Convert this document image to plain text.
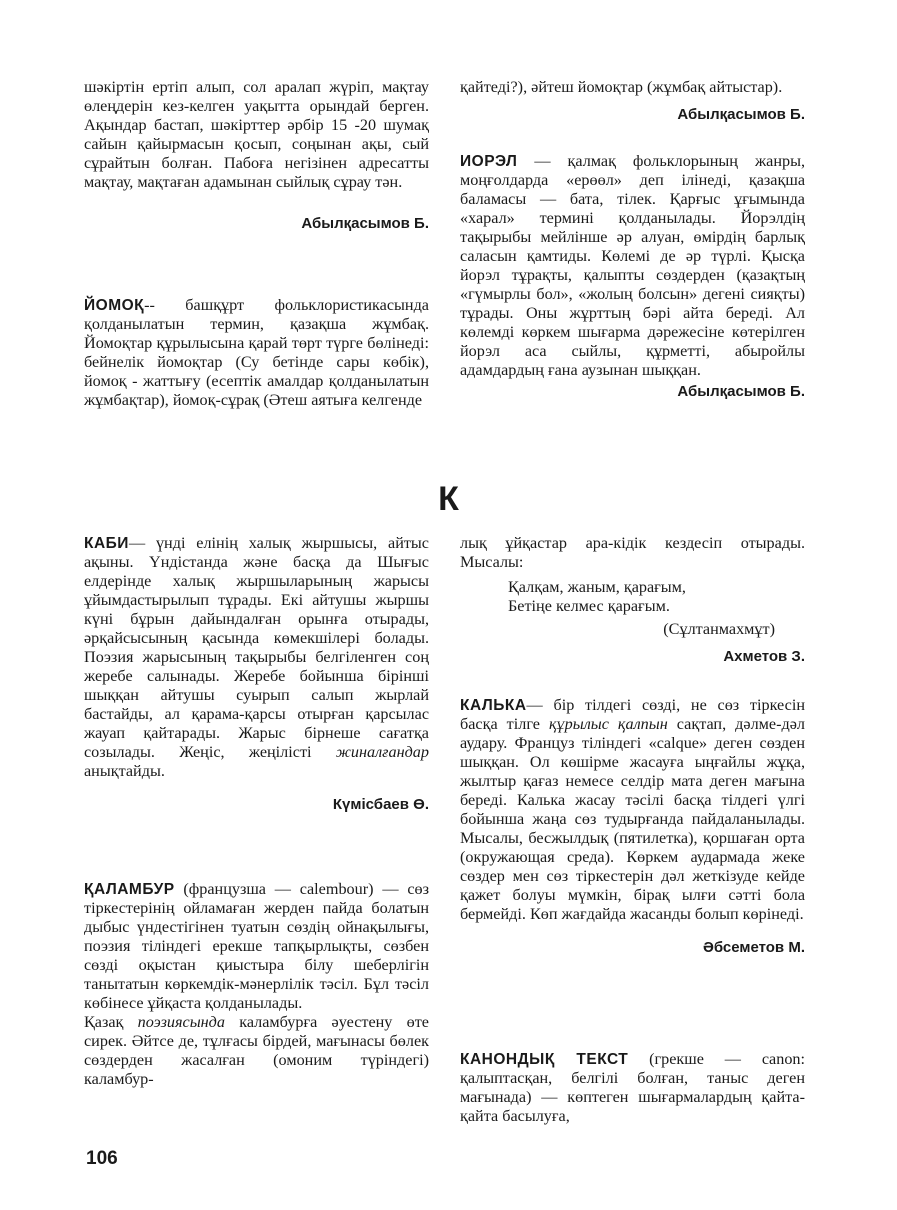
шәкіртін ертіп алып, сол аралап жүріп, мақтау өлеңдерін кез-келген уақытта орындай берген. Ақындар бастап, шәкірттер әрбір 15 -20 шумақ сайын қайырмасын қосып, соңынан ақы, сый сұрайтын болған. Пабоға негізінен адресатты мақтау, мақтаған адамынан сыйлық сұрау тән.

Абылқасымов Б.

ЙОМОҚ-- башқұрт фольклористикасында қолданылатын термин, қазақша жұмбақ. Йомоқтар құрылысына қарай төрт түрге бөлінеді: бейнелік йомоқтар (Су бетінде сары көбік), йомоқ - жаттығу (есептік амалдар қолданылатын жұмбақтар), йомоқ-сұрақ (Әтеш аятыға келгенде

қайтеді?), әйтеш йомоқтар (жұмбақ айтыстар).

Абылқасымов Б.

ИОРЭЛ — қалмақ фольклорының жанры, моңғолдарда «ерөөл» деп ілінеді, қазақша баламасы — бата, тілек. Қарғыс ұғымында «харал» термині қолданылады. Йорэлдің тақырыбы мейлінше әр алуан, өмірдің барлық саласын қамтиды. Көлемі де әр түрлі. Қысқа йорэл тұрақты, қалыпты сөздерден (қазақтың «гүмырлы бол», «жолың болсын» дегені сияқты) тұрады. Оны жұрттың бәрі айта береді. Ал көлемді көркем шығарма дәрежесіне көтерілген йорэл аса сыйлы, құрметті, абыройлы адамдардың ғана аузынан шыққан.

Абылқасымов Б.

К

КАБИ— үнді елінің халық жыршысы, айтыс ақыны. Үндістанда және басқа да Шығыс елдерінде халық жыршыларының жарысы ұйымдастырылып тұрады. Екі айтушы жыршы күні бұрын дайындалған орынға отырады, әрқайсысының қасында көмекшілері болады. Поэзия жарысының тақырыбы белгіленген соң жеребе салынады. Жеребе бойынша бірінші шыққан айтушы суырып салып жырлай бастайды, ал қарама-қарсы отырған қарсылас жауап қайтарады. Жарыс бірнеше сағатқа созылады. Жеңіс, жеңілісті жиналғандар анықтайды.

Күмісбаев Ө.

ҚАЛАМБУР (французша — calembour) — сөз тіркестерінің ойламаған жерден пайда болатын дыбыс үндестігінен туатын сөздің ойнақылығы, поэзия тіліндегі ерекше тапқырлықты, сөзбен сөзді оқыстан қиыстыра білу шеберлігін танытатын көркемдік-мәнерлілік тәсіл. Бұл тәсіл көбінесе ұйқаста қолданылады.

Қазақ поэзиясында каламбурға әуестену өте сирек. Әйтсе де, тұлғасы бірдей, мағынасы бөлек сөздерден жасалған (омоним түріндегі) каламбур-

лық ұйқастар ара-кідік кездесіп отырады. Мысалы:

Қалқам, жаным, қарағым,

Бетіңе келмес қарағым.

(Сұлтанмахмұт)

Ахметов З.

КАЛЬКА— бір тілдегі сөзді, не сөз тіркесін басқа тілге құрылыс қалпын сақтап, дәлме-дәл аудару. Француз тіліндегі «calque» деген сөзден шыққан. Ол көшірме жасауға ыңғайлы жұқа, жылтыр қағаз немесе селдір мата деген мағына береді. Калька жасау тәсілі басқа тілдегі үлгі бойынша жаңа сөз тудырғанда пайдаланылады. Мысалы, бесжылдық (пятилетка), қоршаған орта (окружающая среда). Көркем аудармада жеке сөздер мен сөз тіркестерін дәл жеткізуде кейде қажет болуы мүмкін, бірақ ылғи сәтті бола бермейді. Көп жағдайда жасанды болып көрінеді.

Әбсеметов М.

КАНОНДЫҚ ТЕКСТ (грекше — canon: қалыптасқан, белгілі болған, таныс деген мағынада) — көптеген шығармалардың қайта-қайта басылуға,

106
